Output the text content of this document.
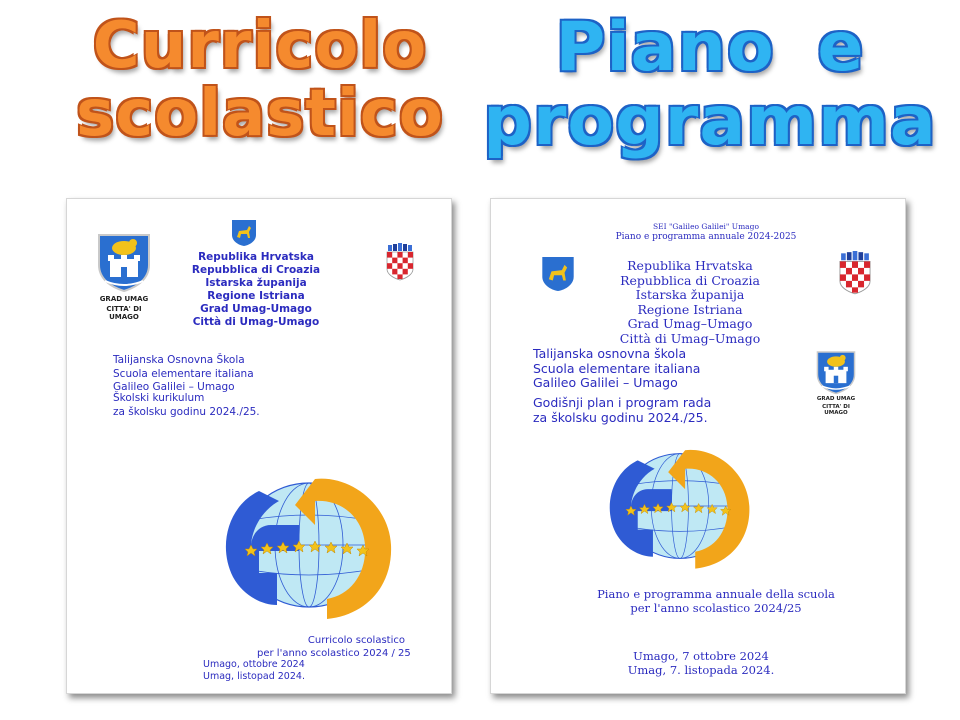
Curricolo
scolastico
Piano e
programma
GRAD UMAG
CITTA' DI UMAGO
Republika Hrvatska
Repubblica di Croazia
Istarska županija
Regione Istriana
Grad Umag-Umago
Città di Umag-Umago
Talijanska Osnovna Škola
Scuola elementare italiana
Galileo Galilei – Umago
Školski kurikulum
za školsku godinu 2024./25.
Curricolo scolastico
per l'anno scolastico 2024 / 25
Umago, ottobre 2024
Umag, listopad 2024.
SEI "Galileo Galilei" Umago
Piano e programma annuale 2024-2025
Republika Hrvatska
Repubblica di Croazia
Istarska županija
Regione Istriana
Grad Umag–Umago
Città di Umag–Umago
Talijanska osnovna škola
Scuola elementare italiana
Galileo Galilei – Umago
GRAD UMAG
CITTA' DI UMAGO
Godišnji plan i program rada
za školsku godinu 2024./25.
Piano e programma annuale della scuola
per l'anno scolastico 2024/25
Umago, 7 ottobre 2024
Umag, 7. listopada 2024.
